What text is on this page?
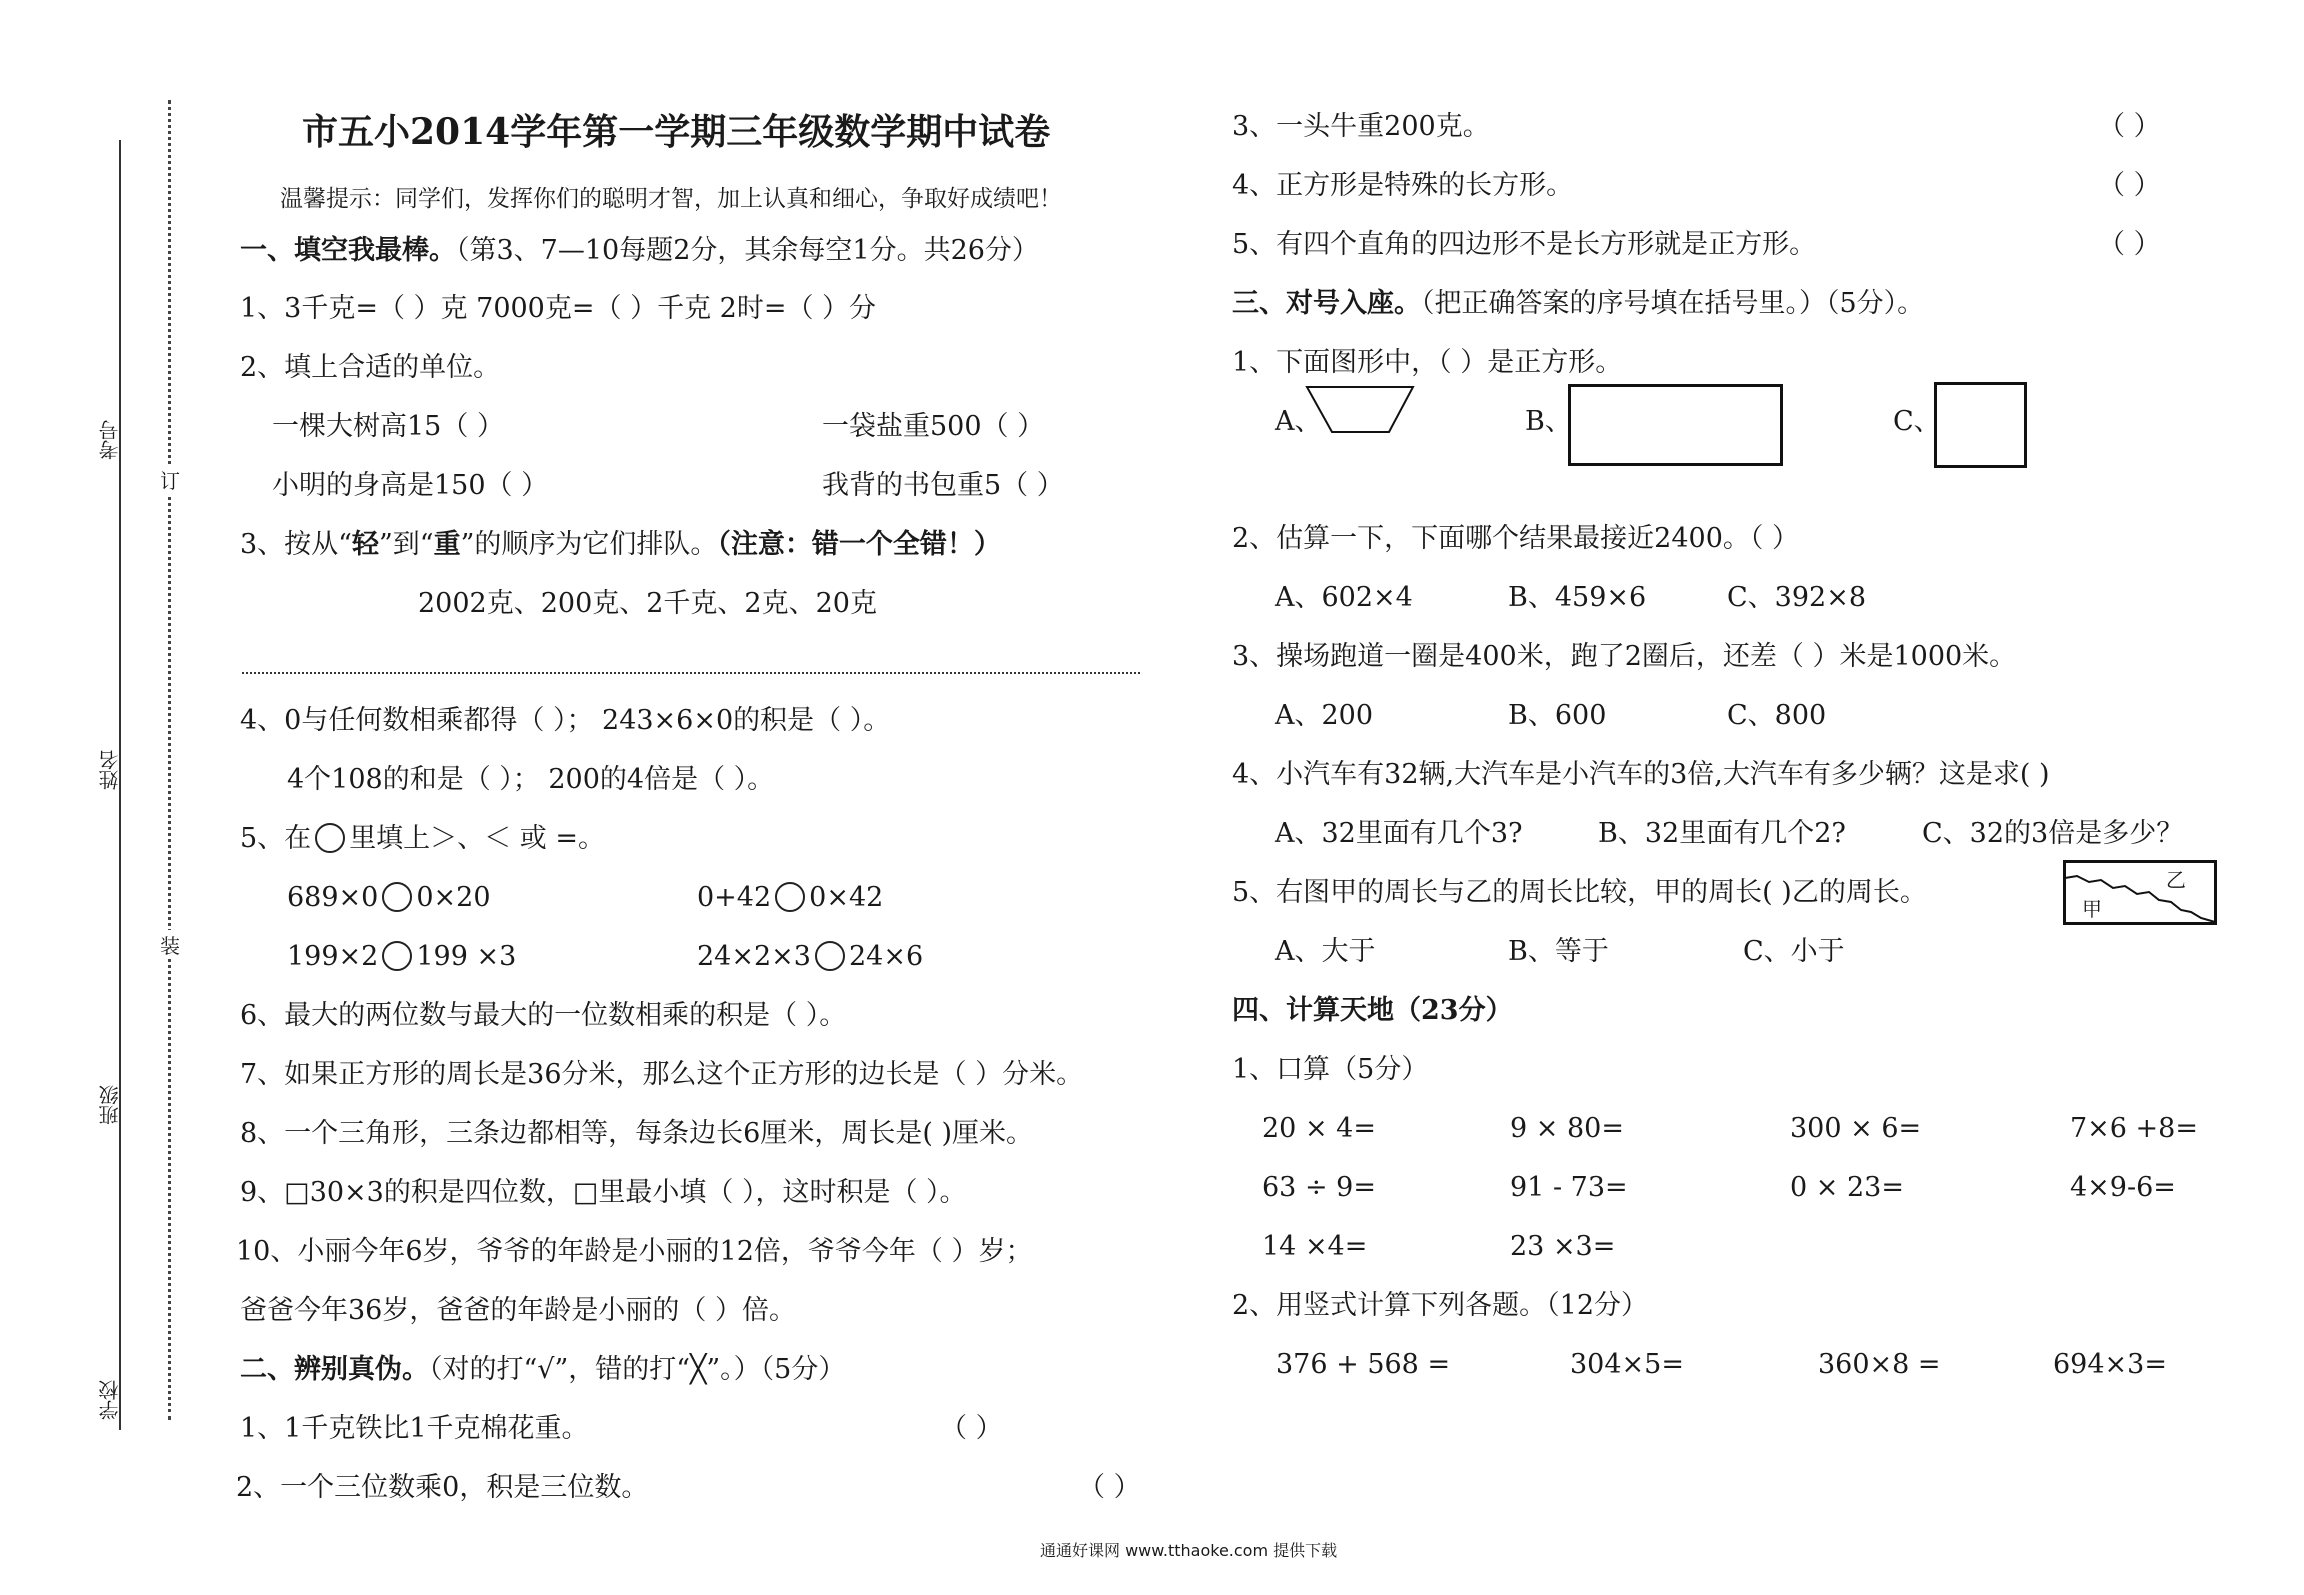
考号
姓名
班级
学校
订
装
市五小2014学年第一学期三年级数学期中试卷
温馨提示：同学们，发挥你们的聪明才智，加上认真和细心，争取好成绩吧！
一、填空我最棒。（第3、7—10每题2分，其余每空1分。共26分）
1、3千克=（ ）克 7000克=（ ）千克 2时=（ ）分
2、填上合适的单位。
一棵大树高15（ ）	一袋盐重500（ ）
小明的身高是150（ ）	我背的书包重5（ ）
3、按从“轻”到“重”的顺序为它们排队。（注意：错一个全错！）
2002克、200克、2千克、2克、20克
4、0与任何数相乘都得（ ）； 243×6×0的积是（ ）。
4个108的和是（ ）； 200的4倍是（ ）。
5、在 里填上＞、＜ 或 =。
689×0 0×20	0+42 0×42
199×2 199 ×3	24×2×3 24×6
6、最大的两位数与最大的一位数相乘的积是（ ）。
7、如果正方形的周长是36分米，那么这个正方形的边长是（ ）分米。
8、一个三角形，三条边都相等，每条边长6厘米，周长是( )厘米。
9、□30×3的积是四位数，□里最小填（ ），这时积是（ ）。
10、小丽今年6岁，爷爷的年龄是小丽的12倍，爷爷今年（ ）岁；
爸爸今年36岁，爸爸的年龄是小丽的（ ）倍。
二、辨别真伪。（对的打“√”，错的打“╳”。）（5分）
1、1千克铁比1千克棉花重。	（ ）
2、一个三位数乘0，积是三位数。	（ ）
3、一头牛重200克。	（ ）
4、正方形是特殊的长方形。	（ ）
5、有四个直角的四边形不是长方形就是正方形。	（ ）
三、对号入座。（把正确答案的序号填在括号里。）（5分）。
1、下面图形中，（ ）是正方形。
A、	B、	C、
2、估算一下，下面哪个结果最接近2400。（ ）
A、602×4	B、459×6	C、392×8
3、操场跑道一圈是400米，跑了2圈后，还差（ ）米是1000米。
A、200	B、600	C、800
4、小汽车有32辆,大汽车是小汽车的3倍,大汽车有多少辆？这是求( )
A、32里面有几个3?	B、32里面有几个2?	C、32的3倍是多少？
5、右图甲的周长与乙的周长比较，甲的周长( )乙的周长。
甲
乙
A、大于	B、等于	C、小于
四、计算天地（23分）
1、口算（5分）
20 × 4=	9 × 80=	300 × 6=	7×6 +8=
63 ÷ 9=	91 - 73=	0 × 23=	4×9-6=
14 ×4=	23 ×3=
2、用竖式计算下列各题。（12分）
376 + 568 =	304×5=	360×8 =	694×3=
通通好课网 www.tthaoke.com 提供下载
